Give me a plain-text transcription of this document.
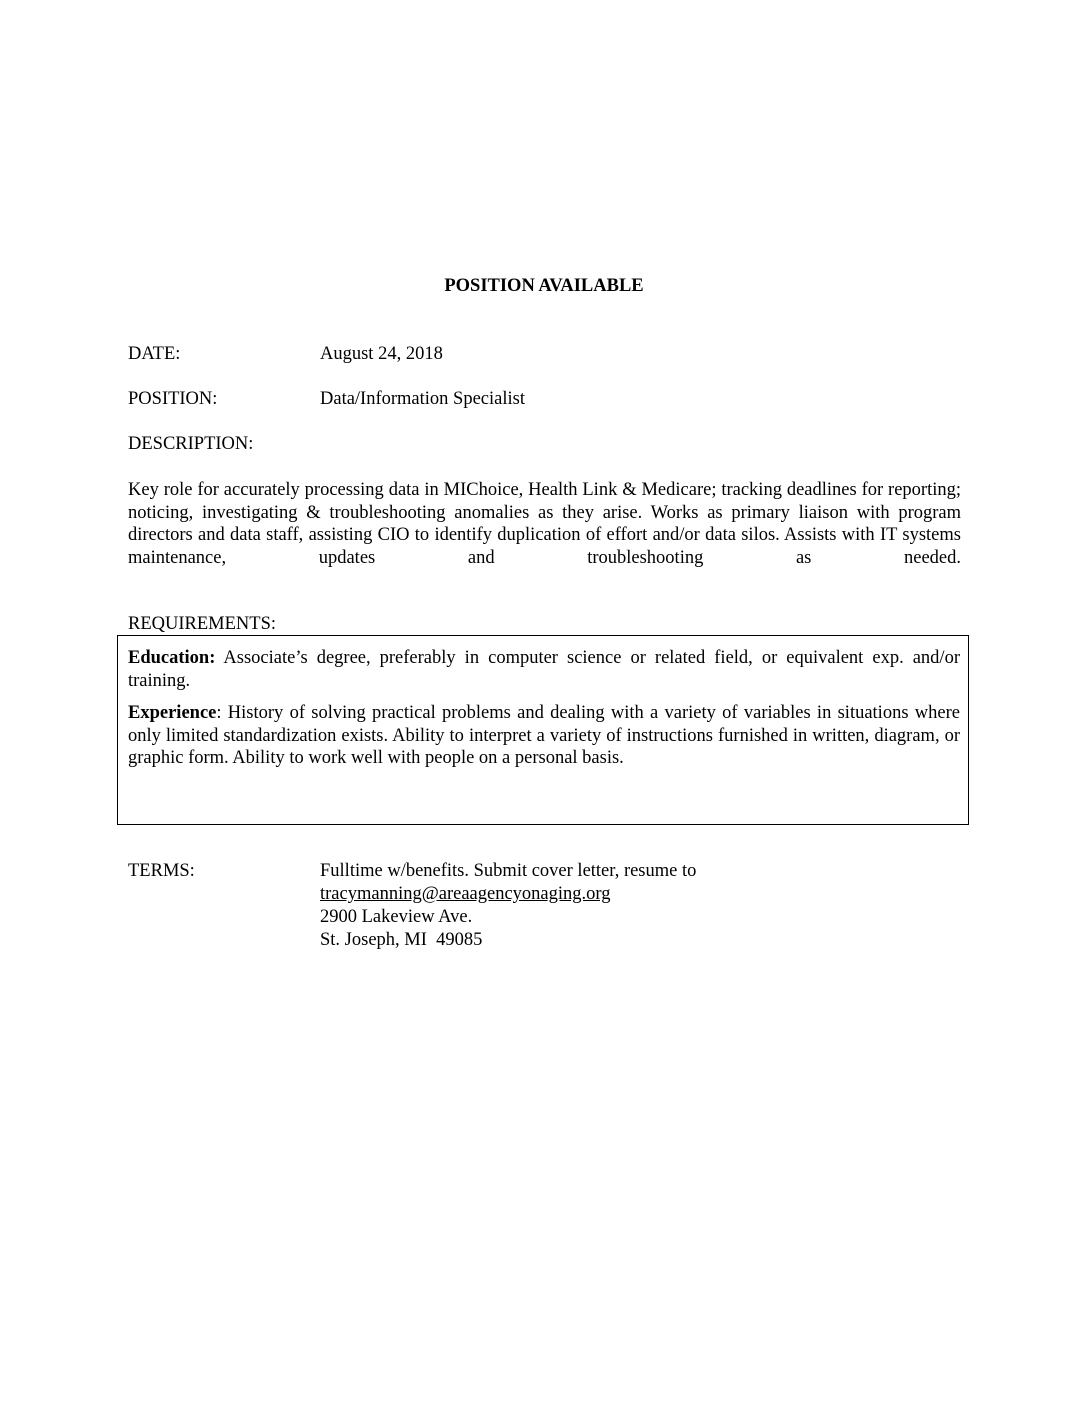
POSITION AVAILABLE
DATE:	August 24, 2018
POSITION:	Data/Information Specialist
DESCRIPTION:
Key role for accurately processing data in MIChoice, Health Link & Medicare; tracking deadlines for reporting; noticing, investigating & troubleshooting anomalies as they arise. Works as primary liaison with program directors and data staff, assisting CIO to identify duplication of effort and/or data silos. Assists with IT systems maintenance, updates and troubleshooting as needed.
REQUIREMENTS:
Education: Associate’s degree, preferably in computer science or related field, or equivalent exp. and/or training.
Experience: History of solving practical problems and dealing with a variety of variables in situations where only limited standardization exists. Ability to interpret a variety of instructions furnished in written, diagram, or graphic form. Ability to work well with people on a personal basis.
TERMS:	Fulltime w/benefits. Submit cover letter, resume to
tracymanning@areaagencyonaging.org
2900 Lakeview Ave.
St. Joseph, MI  49085
